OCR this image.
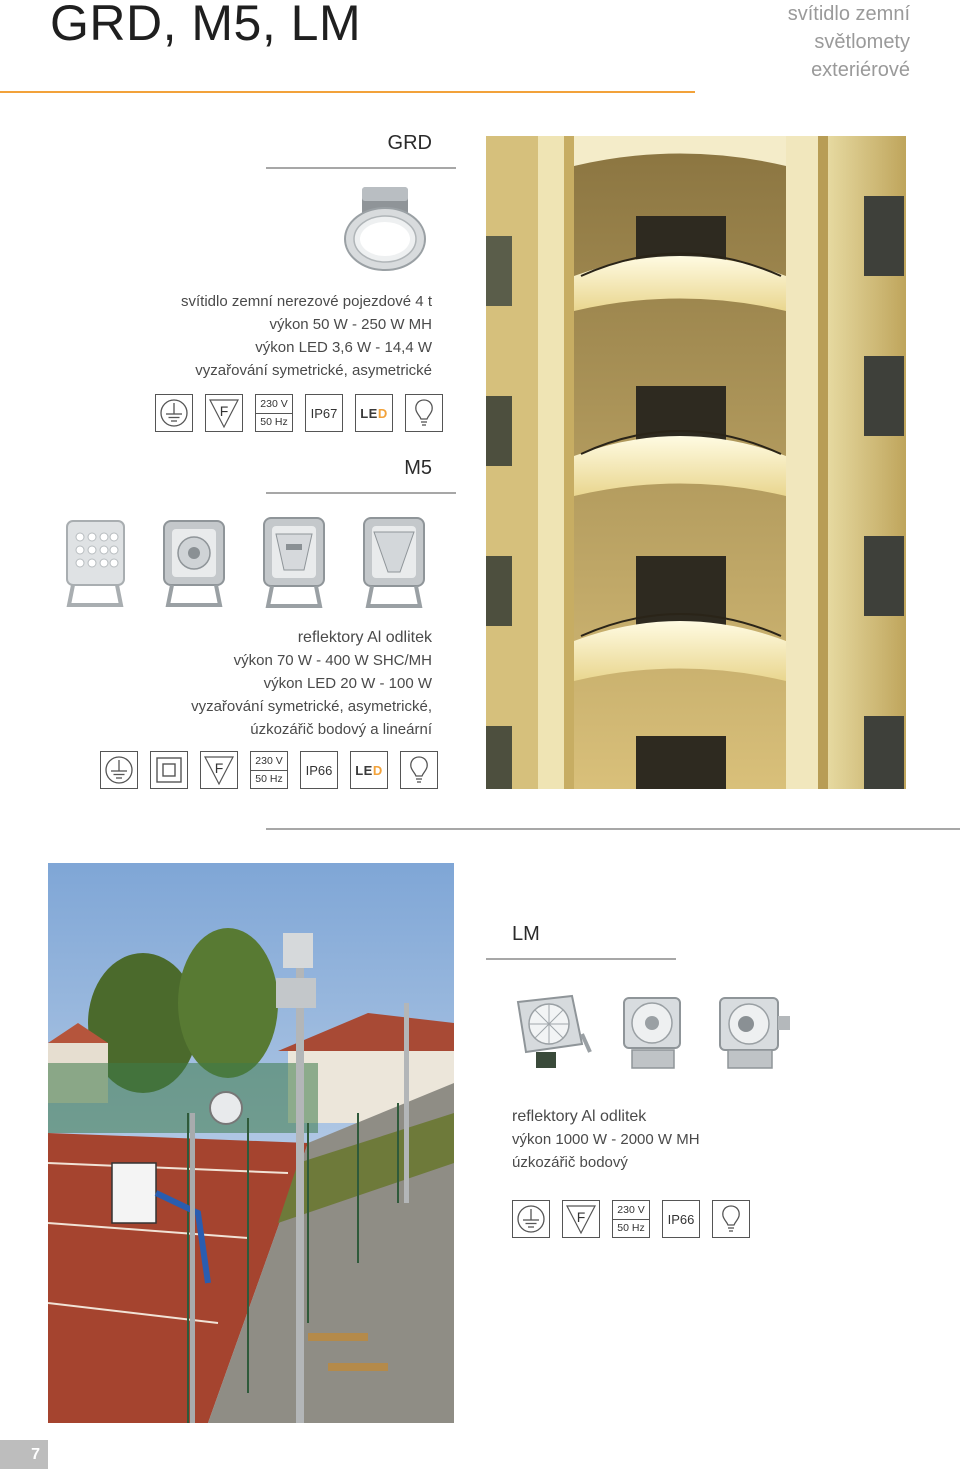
GRD, M5, LM	svítidlo zemní
světlomety
exteriérové
GRD
svítidlo zemní nerezové pojezdové 4 t
výkon 50 W - 250 W MH
výkon LED 3,6 W - 14,4 W
vyzařování symetrické, asymetrické
F	230 V
50 Hz
IP67 LED
M5
reflektory Al odlitek
výkon 70 W - 400 W SHC/MH
výkon LED 20 W - 100 W
vyzařování symetrické, asymetrické,
úzkozářič bodový a lineární
F	230 V
50 Hz
IP66 LED
LM
reflektory Al odlitek
výkon 1000 W - 2000 W MH
úzkozářič bodový
F	230 V
50 Hz
IP66
7
